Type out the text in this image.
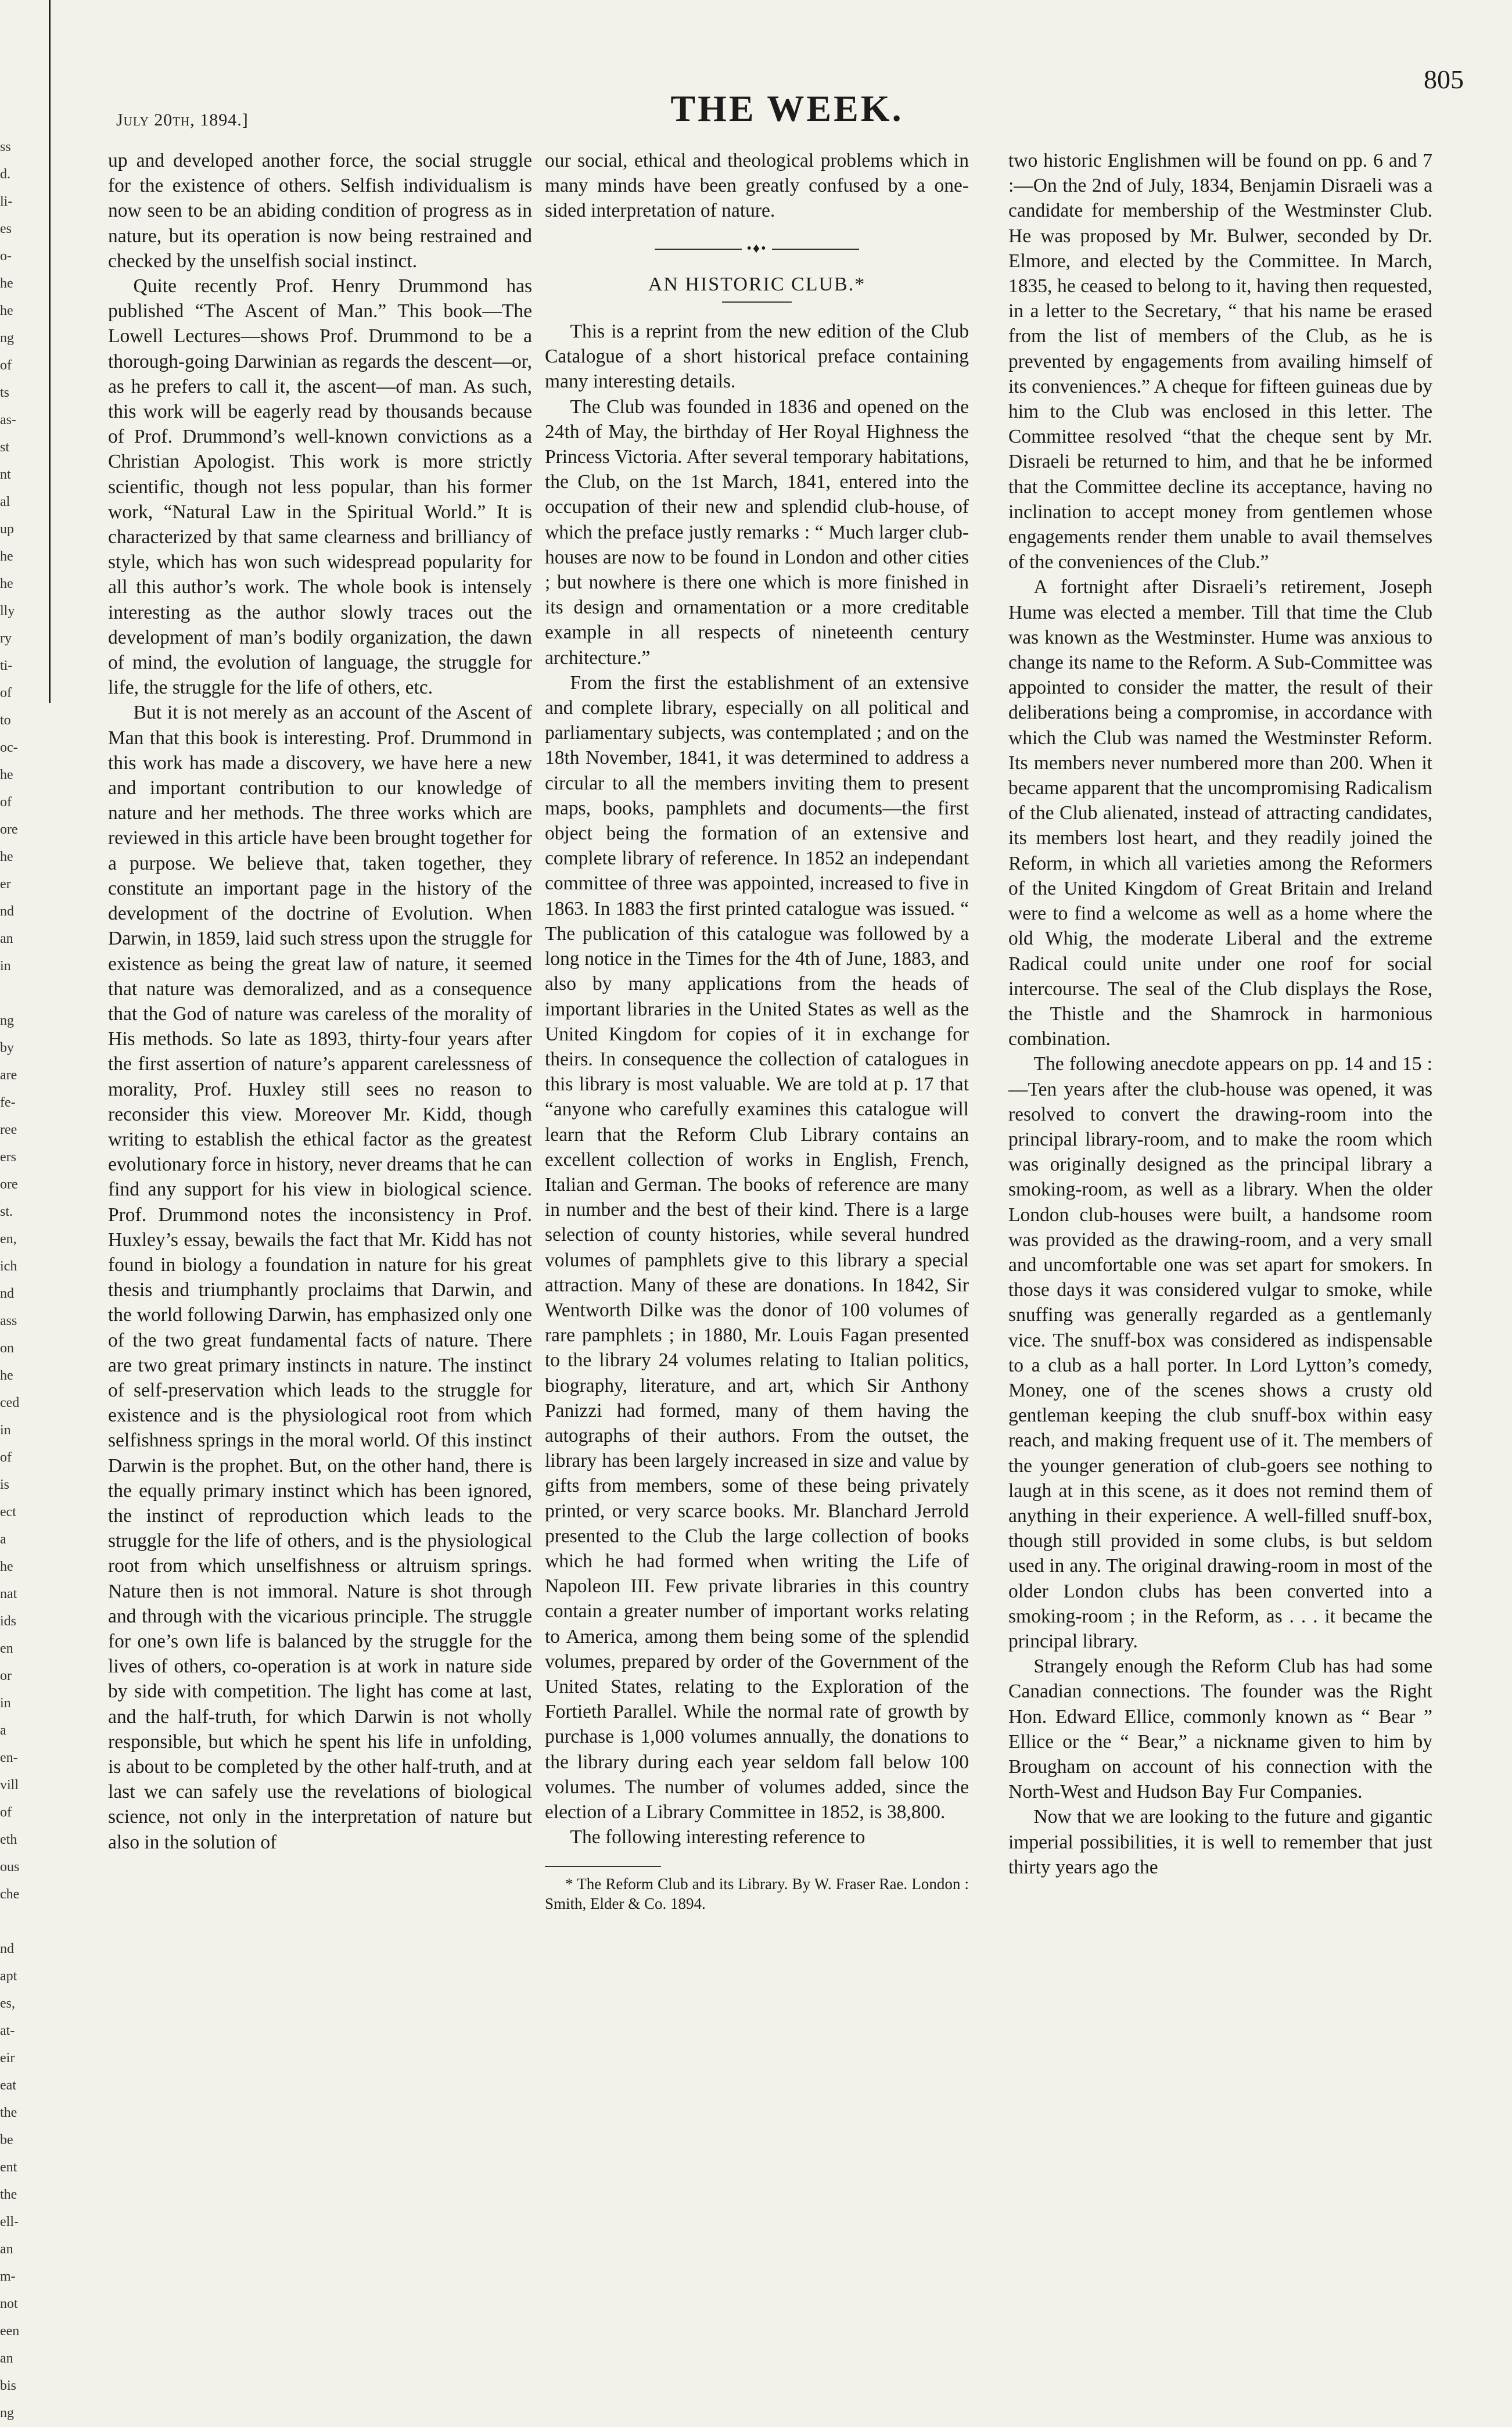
ss
d.
li-
es
o-
he
he
ng
of
ts
as-
st
nt
al
up
he
he
lly
ry
ti-
of
to
oc-
he
of
ore
he
er
nd
an
in
ng
by
are
fe-
ree
ers
ore
st.
en,
ich
nd
ass
on
he
ced
in
of
is
ect
a
he
nat
ids
en
or
in
a
en-
vill
of
eth
ous
che
nd
apt
es,
at-
eir
eat
the
be
ent
the
ell-
an
m-
not
een
an
bis
ng
July 20th, 1894.]	THE WEEK.
805

up and developed another force, the social struggle for the existence of others. Selfish individualism is now seen to be an abiding condition of progress as in nature, but its operation is now being restrained and checked by the unselfish social instinct.

Quite recently Prof. Henry Drummond has published “The Ascent of Man.” This book—The Lowell Lectures—shows Prof. Drummond to be a thorough-going Darwinian as regards the descent—or, as he prefers to call it, the ascent—of man. As such, this work will be eagerly read by thousands because of Prof. Drummond’s well-known convictions as a Christian Apologist. This work is more strictly scientific, though not less popular, than his former work, “Natural Law in the Spiritual World.” It is characterized by that same clearness and brilliancy of style, which has won such widespread popularity for all this author’s work. The whole book is intensely interesting as the author slowly traces out the development of man’s bodily organization, the dawn of mind, the evolution of language, the struggle for life, the struggle for the life of others, etc.

But it is not merely as an account of the Ascent of Man that this book is interesting. Prof. Drummond in this work has made a discovery, we have here a new and important contribution to our knowledge of nature and her methods. The three works which are reviewed in this article have been brought together for a purpose. We believe that, taken together, they constitute an important page in the history of the development of the doctrine of Evolution. When Darwin, in 1859, laid such stress upon the struggle for existence as being the great law of nature, it seemed that nature was demoralized, and as a consequence that the God of nature was careless of the morality of His methods. So late as 1893, thirty-four years after the first assertion of nature’s apparent carelessness of morality, Prof. Huxley still sees no reason to reconsider this view. Moreover Mr. Kidd, though writing to establish the ethical factor as the greatest evolutionary force in history, never dreams that he can find any support for his view in biological science. Prof. Drummond notes the inconsistency in Prof. Huxley’s essay, bewails the fact that Mr. Kidd has not found in biology a foundation in nature for his great thesis and triumphantly proclaims that Darwin, and the world following Darwin, has emphasized only one of the two great fundamental facts of nature. There are two great primary instincts in nature. The instinct of self-preservation which leads to the struggle for existence and is the physiological root from which selfishness springs in the moral world. Of this instinct Darwin is the prophet. But, on the other hand, there is the equally primary instinct which has been ignored, the instinct of reproduction which leads to the struggle for the life of others, and is the physiological root from which unselfishness or altruism springs. Nature then is not immoral. Nature is shot through and through with the vicarious principle. The struggle for one’s own life is balanced by the struggle for the lives of others, co-operation is at work in nature side by side with competition. The light has come at last, and the half-truth, for which Darwin is not wholly responsible, but which he spent his life in unfolding, is about to be completed by the other half-truth, and at last we can safely use the revelations of biological science, not only in the interpretation of nature but also in the solution of

our social, ethical and theological problems which in many minds have been greatly confused by a one-sided interpretation of nature.

•♦•
AN HISTORIC CLUB.*

This is a reprint from the new edition of the Club Catalogue of a short historical preface containing many interesting details.

The Club was founded in 1836 and opened on the 24th of May, the birthday of Her Royal Highness the Princess Victoria. After several temporary habitations, the Club, on the 1st March, 1841, entered into the occupation of their new and splendid club-house, of which the preface justly remarks : “ Much larger club-houses are now to be found in London and other cities ; but nowhere is there one which is more finished in its design and ornamentation or a more creditable example in all respects of nineteenth century architecture.”

From the first the establishment of an extensive and complete library, especially on all political and parliamentary subjects, was contemplated ; and on the 18th November, 1841, it was determined to address a circular to all the members inviting them to present maps, books, pamphlets and documents—the first object being the formation of an extensive and complete library of reference. In 1852 an independant committee of three was appointed, increased to five in 1863. In 1883 the first printed catalogue was issued. “ The publication of this catalogue was followed by a long notice in the Times for the 4th of June, 1883, and also by many applications from the heads of important libraries in the United States as well as the United Kingdom for copies of it in exchange for theirs. In consequence the collection of catalogues in this library is most valuable. We are told at p. 17 that “anyone who carefully examines this catalogue will learn that the Reform Club Library contains an excellent collection of works in English, French, Italian and German. The books of reference are many in number and the best of their kind. There is a large selection of county histories, while several hundred volumes of pamphlets give to this library a special attraction. Many of these are donations. In 1842, Sir Wentworth Dilke was the donor of 100 volumes of rare pamphlets ; in 1880, Mr. Louis Fagan presented to the library 24 volumes relating to Italian politics, biography, literature, and art, which Sir Anthony Panizzi had formed, many of them having the autographs of their authors. From the outset, the library has been largely increased in size and value by gifts from members, some of these being privately printed, or very scarce books. Mr. Blanchard Jerrold presented to the Club the large collection of books which he had formed when writing the Life of Napoleon III. Few private libraries in this country contain a greater number of important works relating to America, among them being some of the splendid volumes, prepared by order of the Government of the United States, relating to the Exploration of the Fortieth Parallel. While the normal rate of growth by purchase is 1,000 volumes annually, the donations to the library during each year seldom fall below 100 volumes. The number of volumes added, since the election of a Library Committee in 1852, is 38,800.

The following interesting reference to

* The Reform Club and its Library. By W. Fraser Rae. London : Smith, Elder & Co. 1894.

two historic Englishmen will be found on pp. 6 and 7 :—On the 2nd of July, 1834, Benjamin Disraeli was a candidate for membership of the Westminster Club. He was proposed by Mr. Bulwer, seconded by Dr. Elmore, and elected by the Committee. In March, 1835, he ceased to belong to it, having then requested, in a letter to the Secretary, “ that his name be erased from the list of members of the Club, as he is prevented by engagements from availing himself of its conveniences.” A cheque for fifteen guineas due by him to the Club was enclosed in this letter. The Committee resolved “that the cheque sent by Mr. Disraeli be returned to him, and that he be informed that the Committee decline its acceptance, having no inclination to accept money from gentlemen whose engagements render them unable to avail themselves of the conveniences of the Club.”

A fortnight after Disraeli’s retirement, Joseph Hume was elected a member. Till that time the Club was known as the Westminster. Hume was anxious to change its name to the Reform. A Sub-Committee was appointed to consider the matter, the result of their deliberations being a compromise, in accordance with which the Club was named the Westminster Reform. Its members never numbered more than 200. When it became apparent that the uncompromising Radicalism of the Club alienated, instead of attracting candidates, its members lost heart, and they readily joined the Reform, in which all varieties among the Reformers of the United Kingdom of Great Britain and Ireland were to find a welcome as well as a home where the old Whig, the moderate Liberal and the extreme Radical could unite under one roof for social intercourse. The seal of the Club displays the Rose, the Thistle and the Shamrock in harmonious combination.

The following anecdote appears on pp. 14 and 15 :—Ten years after the club-house was opened, it was resolved to convert the drawing-room into the principal library-room, and to make the room which was originally designed as the principal library a smoking-room, as well as a library. When the older London club-houses were built, a handsome room was provided as the drawing-room, and a very small and uncomfortable one was set apart for smokers. In those days it was considered vulgar to smoke, while snuffing was generally regarded as a gentlemanly vice. The snuff-box was considered as indispensable to a club as a hall porter. In Lord Lytton’s comedy, Money, one of the scenes shows a crusty old gentleman keeping the club snuff-box within easy reach, and making frequent use of it. The members of the younger generation of club-goers see nothing to laugh at in this scene, as it does not remind them of anything in their experience. A well-filled snuff-box, though still provided in some clubs, is but seldom used in any. The original drawing-room in most of the older London clubs has been converted into a smoking-room ; in the Reform, as . . . it became the principal library.

Strangely enough the Reform Club has had some Canadian connections. The founder was the Right Hon. Edward Ellice, commonly known as “ Bear ” Ellice or the “ Bear,” a nickname given to him by Brougham on account of his connection with the North-West and Hudson Bay Fur Companies.

Now that we are looking to the future and gigantic imperial possibilities, it is well to remember that just thirty years ago the
